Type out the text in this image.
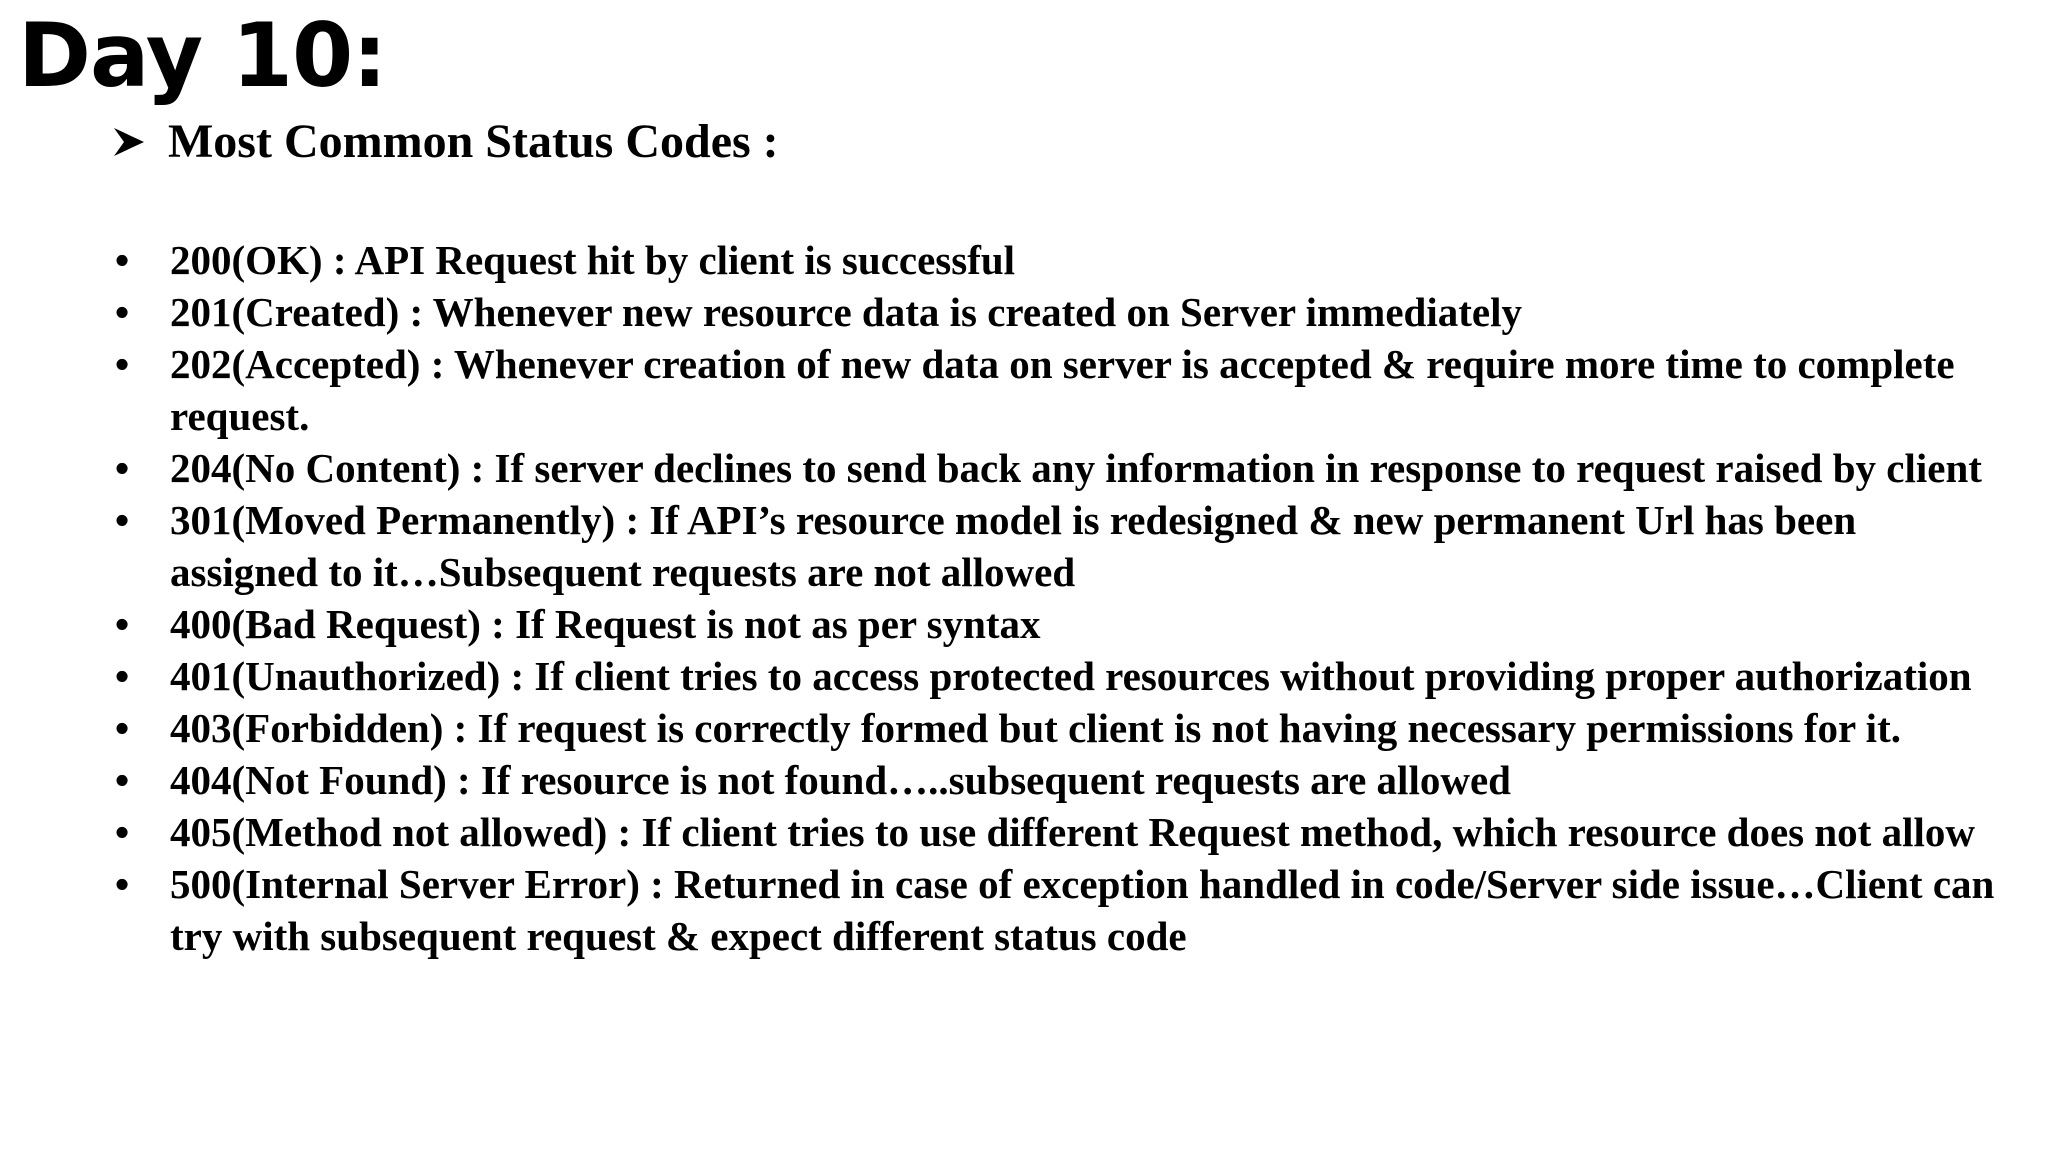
Day 10:
Most Common Status Codes :
• 200(OK) : API Request hit by client is successful
• 201(Created) : Whenever new resource data is created on Server immediately
• 202(Accepted) : Whenever creation of new data on server is accepted & require more time to complete request.
• 204(No Content) : If server declines to send back any information in response to request raised by client
• 301(Moved Permanently) : If API’s resource model is redesigned & new permanent Url has been assigned to it…Subsequent requests are not allowed
• 400(Bad Request) : If Request is not as per syntax
• 401(Unauthorized) : If client tries to access protected resources without providing proper authorization
• 403(Forbidden) : If request is correctly formed but client is not having necessary permissions for it.
• 404(Not Found) : If resource is not found…..subsequent requests are allowed
• 405(Method not allowed) : If client tries to use different Request method, which resource does not allow
• 500(Internal Server Error) : Returned in case of exception handled in code/Server side issue…Client can try with subsequent request & expect different status code
